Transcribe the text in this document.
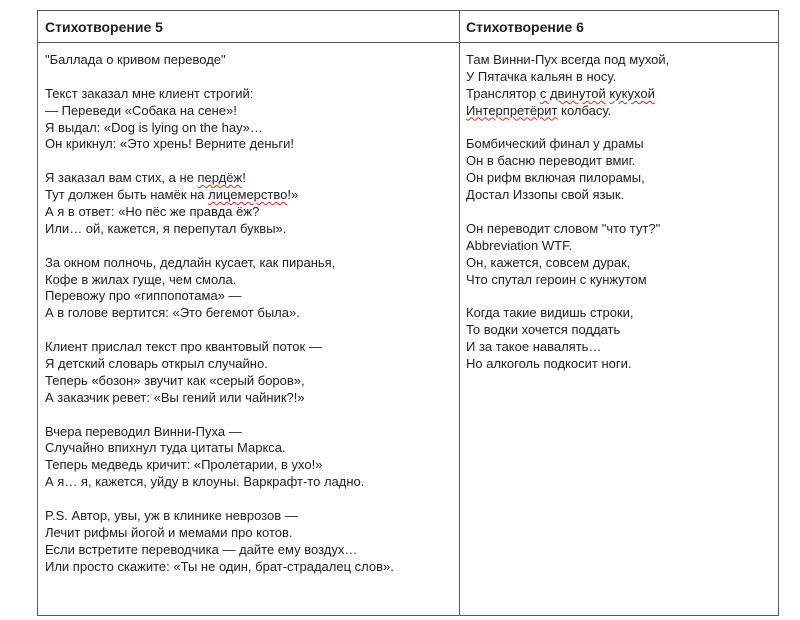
Стихотворение 5
"Баллада о кривом переводе"
Текст заказал мне клиент строгий:
— Переведи «Собака на сене»!
Я выдал: «Dog is lying on the hay»…
Он крикнул: «Это хрень! Верните деньги!
Я заказал вам стих, а не пердёж!
Тут должен быть намёк на лицемерство!»
А я в ответ: «Но пёс же правда ёж?
Или… ой, кажется, я перепутал буквы».
За окном полночь, дедлайн кусает, как пиранья,
Кофе в жилах гуще, чем смола.
Перевожу про «гиппопотама» —
А в голове вертится: «Это бегемот была».
Клиент прислал текст про квантовый поток —
Я детский словарь открыл случайно.
Теперь «бозон» звучит как «серый боров»,
А заказчик ревет: «Вы гений или чайник?!»
Вчера переводил Винни-Пуха —
Случайно впихнул туда цитаты Маркса.
Теперь медведь кричит: «Пролетарии, в ухо!»
А я… я, кажется, уйду в клоуны. Варкрафт-то ладно.
P.S. Автор, увы, уж в клинике неврозов —
Лечит рифмы йогой и мемами про котов.
Если встретите переводчика — дайте ему воздух…
Или просто скажите: «Ты не один, брат-страдалец слов».
Стихотворение 6
Там Винни-Пух всегда под мухой,
У Пятачка кальян в носу.
Транслятор с двинутой кукухой
Интерпретёрит колбасу.
Бомбический финал у драмы
Он в басню переводит вмиг.
Он рифм включая пилорамы,
Достал Иззопы свой язык.
Он переводит словом "что тут?"
Abbreviation WTF.
Он, кажется, совсем дурак,
Что спутал героин с кунжутом
Когда такие видишь строки,
То водки хочется поддать
И за такое навалять…
Но алкоголь подкосит ноги.
